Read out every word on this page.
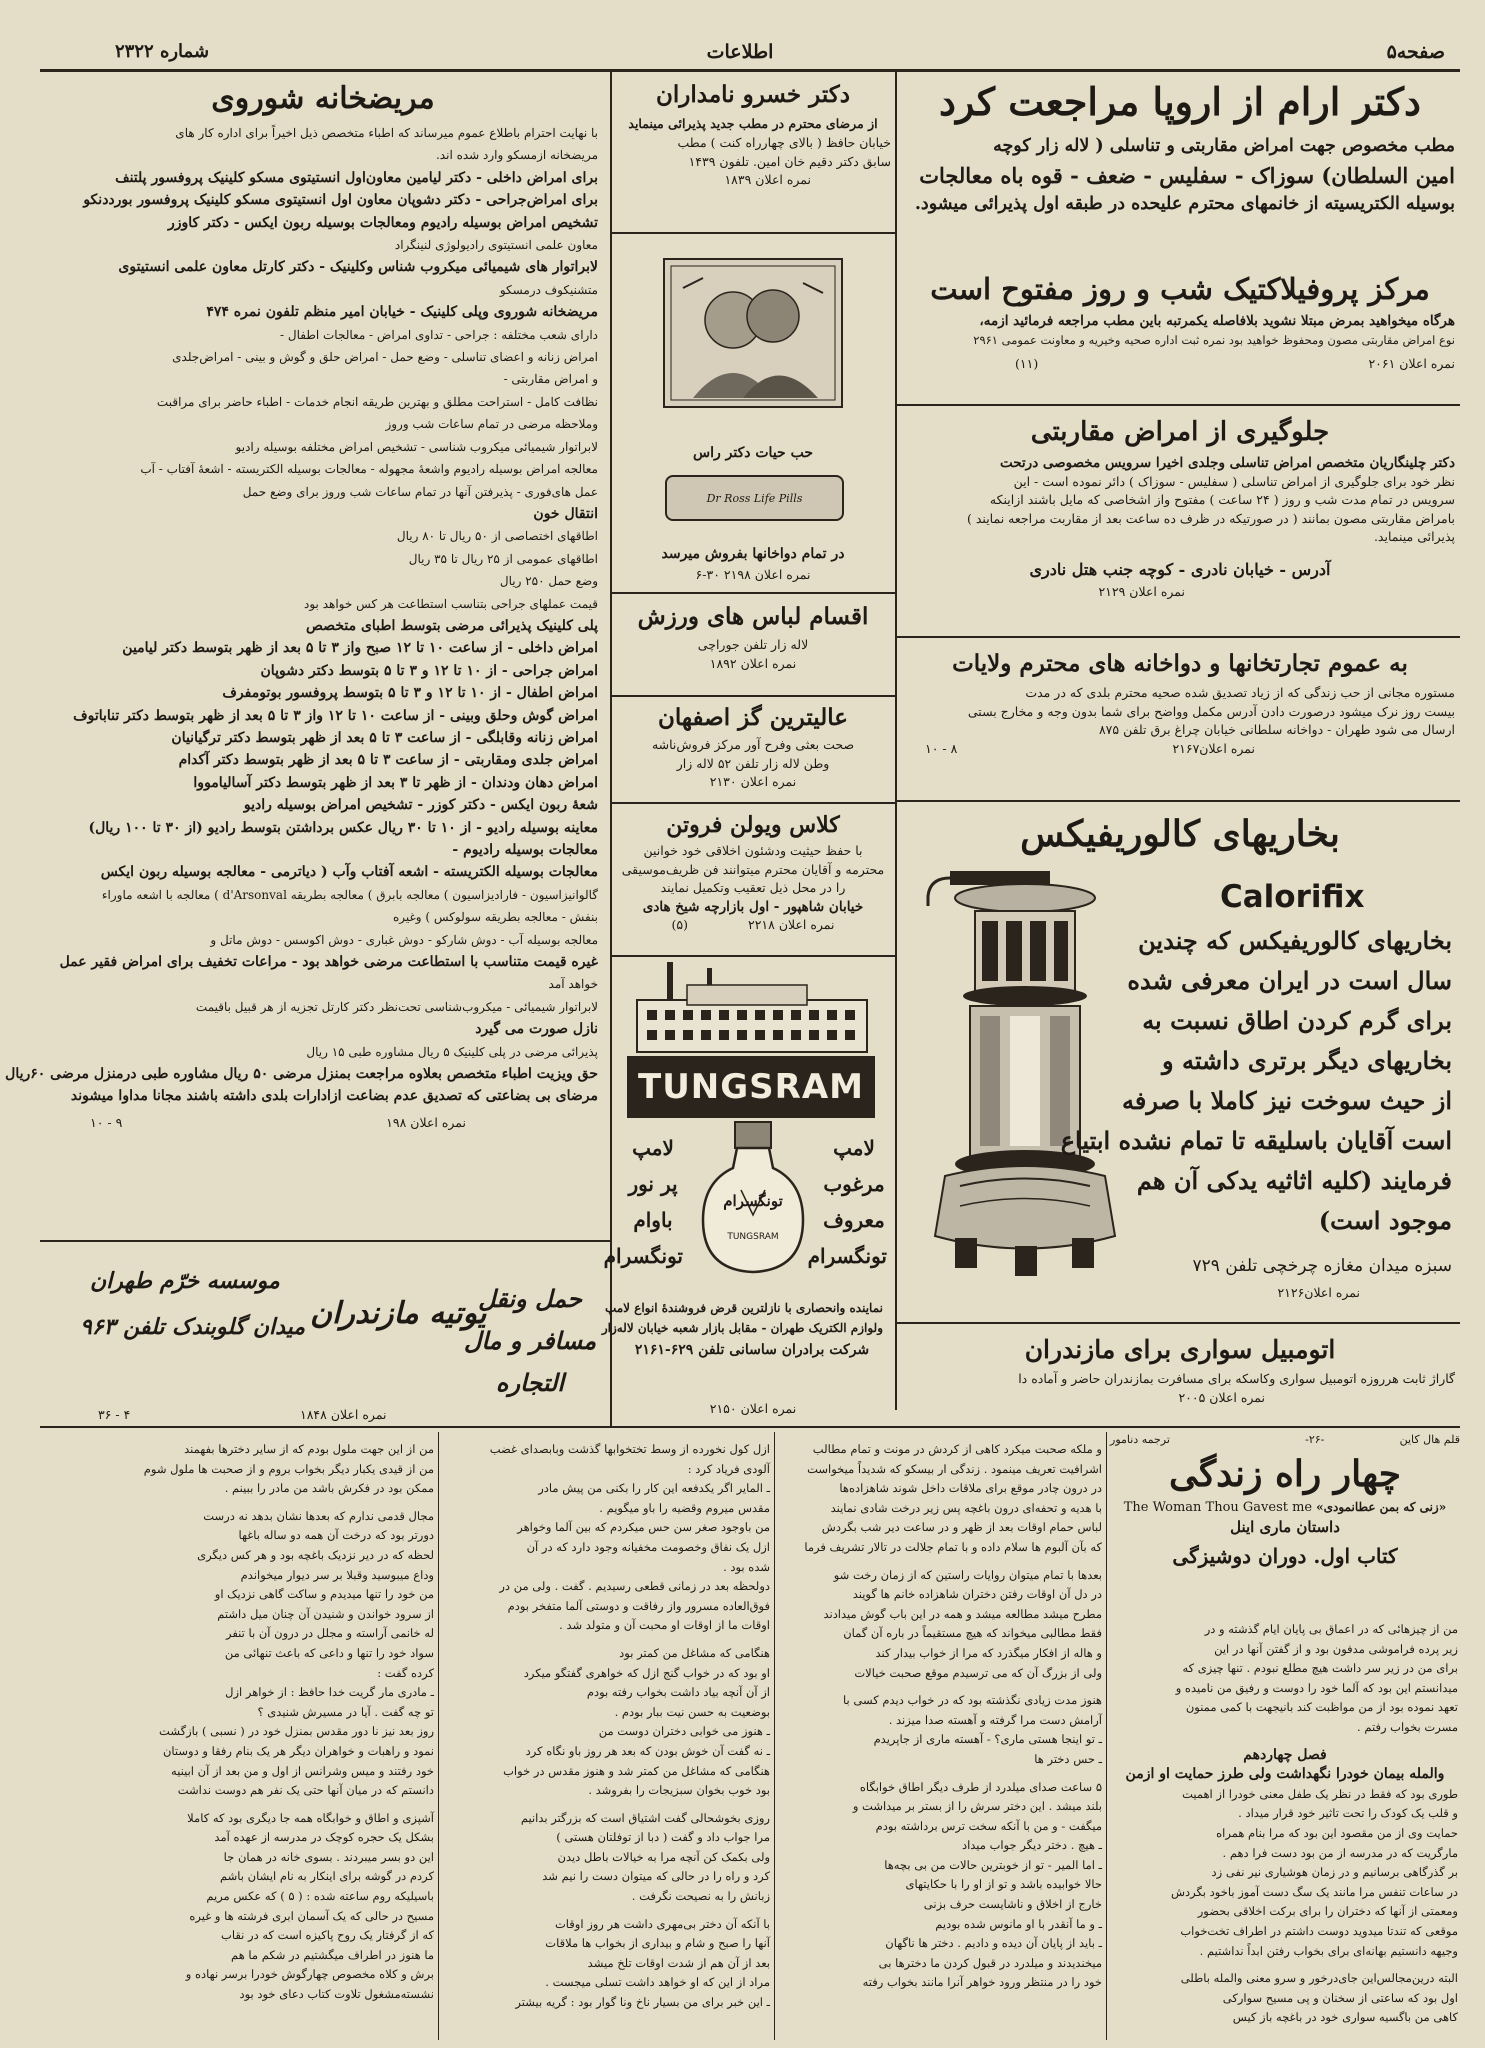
صفحه۵
اطلاعات
شماره ۲۳۲۲
دکتر ارام از اروپا مراجعت کرد
مطب مخصوص جهت امراض مقاربتی و تناسلی ( لاله زار کوچه
امین السلطان) سوزاک - سفلیس - ضعف - قوه باه معالجات
بوسیله الکتریسیته از خانمهای محترم علیحده در طبقه اول پذیرائی میشود.
مرکز پروفیلاکتیک شب و روز مفتوح است
هرگاه میخواهید بمرض مبتلا نشوید بلافاصله یکمرتبه باین مطب مراجعه فرمائید ازمه،
نوع امراض مقاربتی مصون ومحفوظ خواهید بود نمره ثبت اداره صحیه وخیریه و معاونت عمومی ۲۹۶۱
نمره اعلان ۲۰۶۱
(۱۱)
جلوگیری از امراض مقاربتی
دکتر چلینگاریان متخصص امراض تناسلی وجلدی اخیرا سرویس مخصوصی درتحت
نظر خود برای جلوگیری از امراض تناسلی ( سفلیس - سوزاک ) دائر نموده است - این
سرویس در تمام مدت شب و روز ( ۲۴ ساعت ) مفتوح واز اشخاصی که مایل باشند ازاینکه
بامراض مقاربتی مصون بمانند ( در صورتیکه در ظرف ده ساعت بعد از مقاربت مراجعه نمایند )
پذیرائی مینماید.
آدرس - خیابان نادری - کوچه جنب هتل نادری
نمره اعلان ۲۱۲۹
به عموم تجارتخانها و دواخانه های محترم ولایات
مستوره مجانی از حب زندگی که از زیاد تصدیق شده صحیه محترم بلدی که در مدت
بیست روز نرک میشود درصورت دادن آدرس مکمل وواضح برای شما بدون وجه و مخارج بستی
ارسال می شود طهران - دواخانه سلطانی خیابان چراغ برق تلفن ۸۷۵
نمره اعلان۲۱۶۷
۸ - ۱۰
بخاریهای کالوریفیکس
Calorifix
بخاریهای کالوریفیکس که چندین
سال است در ایران معرفی شده
برای گرم کردن اطاق نسبت به
بخاریهای دیگر برتری داشته و
از حیث سوخت نیز کاملا با صرفه
است آقایان باسلیقه تا تمام نشده ابتیاع
فرمایند (کلیه اثاثیه یدکی آن هم
موجود است)
سبزه میدان مغازه چرخچی تلفن ۷۲۹
نمره اعلان۲۱۲۶
اتومبیل سواری برای مازندران
گاراژ ثابت هرروزه اتومبیل سواری وکاسکه برای مسافرت بمازندران حاضر و آماده دا
نمره اعلان ۲۰۰۵
دکتر خسرو نامداران
از مرضای محترم در مطب جدید پذیرائی مینماید
خیابان حافظ ( بالای چهارراه کنت ) مطب
سابق دکتر دقیم خان امین. تلفون ۱۴۳۹
نمره اعلان ۱۸۳۹
حب حیات دکتر راس
Dr Ross Life Pills
در تمام دواخانها بفروش میرسد
نمره اعلان ۲۱۹۸ ۳۰-۶
اقسام لباس های ورزش
لاله زار تلفن جوراچی
نمره اعلان ۱۸۹۲
عالیترین گز اصفهان
صحت بعثی وفرح آور مرکز فروش‌ناشه
وطن لاله زار تلفن ۵۲ لاله زار
نمره اعلان ۲۱۳۰
کلاس ویولن فروتن
با حفظ حیثیت ودشئون اخلاقی خود خوانین
محترمه و آقایان محترم میتوانند فن ظریف‌موسیقی
را در محل ذیل تعقیب وتکمیل نمایند
خیابان شاهپور - اول بازارچه شیخ هادی
نمره اعلان ۲۲۱۸
(۵)
TUNGSRAM
لامپ پر نور باوام تونگسرام
لامپ مرغوب معروف تونگسرام
تونگسرام
TUNGSRAM
نماینده وانحصاری با نازلترین قرض فروشندهٔ انواع لامپ
ولوازم الکتریک طهران - مقابل بازار شعبه خیابان لاله‌زار
شرکت برادران ساسانی تلفن ۶۲۹-۲۱۶۱
نمره اعلان ۲۱۵۰
مریضخانه شوروی
با نهایت احترام باطلاع عموم میرساند که اطباء متخصص ذیل اخیراً برای اداره کار های
مریضخانه ازمسکو وارد شده اند.
برای امراض داخلی - دکتر لیامین معاون‌اول انستیتوی مسکو کلینیک پروفسور پلتنف
برای امراض‌جراحی - دکتر دشوپان معاون اول انستیتوی مسکو کلینیک پروفسور بورددنکو
تشخیص امراض بوسیله رادیوم ومعالجات بوسیله ربون ایکس - دکتر کاوزر
معاون علمی انستیتوی رادیولوژی لنینگراد
لابراتوار های شیمیائی میکروب شناس وکلینیک - دکتر کارتل معاون علمی انستیتوی
متشنیکوف درمسکو
مریضخانه شوروی وپلی کلینیک - خیابان امیر منظم تلفون نمره ۴۷۴
دارای شعب مختلفه : جراحی - تداوی امراض - معالجات اطفال -
امراض زنانه و اعضای تناسلی - وضع حمل - امراض حلق و گوش و بینی - امراض‌جلدی
و امراض مقاربتی -
نظافت کامل - استراحت مطلق و بهترین طریقه انجام خدمات - اطباء حاضر برای مراقبت
وملاحظه مرضی در تمام ساعات شب وروز
لابراتوار شیمیائی میکروب شناسی - تشخیص امراض مختلفه بوسیله رادیو
معالجه امراض بوسیله رادیوم واشعهٔ مجهوله - معالجات بوسیله الکتریسته - اشعهٔ آفتاب - آب
عمل های‌فوری - پذیرفتن آنها در تمام ساعات شب وروز برای وضع حمل
انتقال خون
اطاقهای اختصاصی از ۵۰ ریال تا ۸۰ ریال
اطاقهای عمومی از ۲۵ ریال تا ۳۵ ریال
وضع حمل ۲۵۰ ریال
قیمت عملهای جراحی بتناسب استطاعت هر کس خواهد بود
پلی کلینیک پذیرائی مرضی بتوسط اطبای متخصص
امراض داخلی - از ساعت ۱۰ تا ۱۲ صبح واز ۳ تا ۵ بعد از ظهر بتوسط دکتر لیامین
امراض جراحی - از ۱۰ تا ۱۲ و ۳ تا ۵ بتوسط دکتر دشوپان
امراض اطفال - از ۱۰ تا ۱۲ و ۳ تا ۵ بتوسط پروفسور بوتومفرف
امراض گوش وحلق وبینی - از ساعت ۱۰ تا ۱۲ واز ۳ تا ۵ بعد از ظهر بتوسط دکتر تناباتوف
امراض زنانه وقابلگی - از ساعت ۳ تا ۵ بعد از ظهر بتوسط دکتر ترگیانیان
امراض جلدی ومقاربتی - از ساعت ۳ تا ۵ بعد از ظهر بتوسط دکتر آکدام
امراض دهان ودندان - از ظهر تا ۳ بعد از ظهر بتوسط دکتر آسالیامووا
شعهٔ ربون ایکس - دکتر کوزر - تشخیص امراض بوسیله رادیو
معاینه بوسیله رادیو - از ۱۰ تا ۳۰ ریال عکس برداشتن بتوسط رادیو (از ۳۰ تا ۱۰۰ ریال)
معالجات بوسیله رادیوم -
معالجات بوسیله الکتریسته - اشعه آفتاب وآب ( دیاترمی - معالجه بوسیله ربون ایکس
گالوانیزاسیون - فارادیزاسیون ) معالجه بابرق ) معالجه بطریقه d'Arsonval ) معالجه با اشعه ماوراء
بنفش - معالجه بطریقه سولوکس ) وغیره
معالجه بوسیله آب - دوش شارکو - دوش غباری - دوش اکوسس - دوش ماتل و
غیره قیمت متناسب با استطاعت مرضی خواهد بود - مراعات تخفیف برای امراض فقیر عمل
خواهد آمد
لابراتوار شیمیائی - میکروب‌شناسی تحت‌نظر دکتر کارتل تجزیه از هر قبیل باقیمت
نازل صورت می گیرد
پذیرائی مرضی در پلی کلینیک ۵ ریال مشاوره طبی ۱۵ ریال
حق ویزیت اطباء متخصص بعلاوه مراجعت بمنزل مرضی ۵۰ ریال مشاوره طبی درمنزل مرضی ۶۰ریال
مرضای بی بضاعتی که تصدیق عدم بضاعت ازادارات بلدی داشته باشند مجانا مداوا میشوند
نمره اعلان ۱۹۸
۹ - ۱۰
موسسه خرّم طهران
میدان گلوبندک تلفن ۹۶۳ یوتیه مازندران
حمل ونقل مسافر و مال التجاره
نمره اعلان ۱۸۴۸
۴ - ۳۶
قلم هال کاین
-۲۶-
ترجمه دنامور
چهار راه زندگی
«زنی که بمن عطانمودی»
The Woman Thou Gavest me
داستان ماری اینل
کتاب اول. دوران دوشیزگی
من از چیزهائی که در اعماق بی پایان ایام گذشته و در
زیر پرده فراموشی مدفون بود و از گفتن آنها در این
برای من در زیر سر داشت هیچ مطلع نبودم . تنها چیزی که
میدانستم این بود که آلما خود را دوست و رفیق من نامیده و
تعهد نموده بود از من مواظبت کند بانیجهت با کمی ممنون
مسرت بخواب رفتم .
فصل چهاردهم
والمله بیمان خودرا نگهداشت ولی طرز حمایت او ازمن
طوری بود که فقط در نظر یک طفل معنی خودرا از اهمیت
و قلب یک کودک را تحت تاثیر خود قرار میداد .
حمایت وی از من مقصود این بود که مرا بنام همراه
مارگریت که در مدرسه از من بود دست فرا دهم .
بر گذرگاهی برسانیم و در زمان هوشیاری نیر نفی زد
در ساعات تنفس مرا مانند یک سگ دست آموز باخود بگردش
ومعمتی از آنها که دختران را برای برکت اخلاقی بحضور
موقعی که تندتا میدوید دوست داشتم در اطراف تخت‌خواب
وجیهه دانستیم بهانه‌ای برای بخواب رفتن ابداً نداشتیم .
البته درین‌مجالس‌این جای‌درخور و سرو معنی والمله باطلی
اول بود که ساعتی از سخنان و پی مسیح سوارکی
کاهی من باگسیه سواری خود در باغچه باز کیس
و ملکه صحبت میکرد کاهی از کردش در مونت و تمام مطالب
اشرافیت تعریف مینمود . زندگی ار بیسکو که شدیداً میخواست
در درون چادر موقع برای ملاقات داخل شوند شاهزاده‌ها
با هدیه و تحفه‌ای درون باغچه پس زیر درخت شادی نمایند
لباس حمام اوقات بعد از ظهر و در ساعت دیر شب بگردش
که بآن آلبوم ها سلام داده و با تمام جلالت در تالار تشریف فرما
بعدها با تمام میتوان روایات راستین که از زمان رخت شو
در دل آن اوقات رفتن دختران شاهزاده خانم ها گویند
مطرح میشد مطالعه میشد و همه در این باب گوش میدادند
فقط مطالبی میخواند که هیچ مستقیماً در باره آن گمان
و هاله از افکار میگذرد که مرا از خواب بیدار کند
ولی از بزرگ آن که می ترسیدم موقع صحبت خیالات
هنوز مدت زیادی نگذشته بود که در خواب دیدم کسی با
آرامش دست مرا گرفته و آهسته صدا میزند .
ـ تو اینجا هستی ماری؟ - آهسته ماری از جاپریدم
ـ حس دختر ها
۵ ساعت صدای میلدرد از طرف دیگر اطاق خوابگاه
بلند میشد . این دختر سرش را از بستر بر میداشت و
میگفت - و من با آنکه سخت ترس برداشته بودم
ـ هیچ . دختر دیگر جواب میداد
ـ اما المیر - تو از خوبترین حالات من بی بچه‌ها
حالا خوابیده باشد و تو از او را با حکایتهای
خارج از اخلاق و ناشایست حرف بزنی
ـ و ما آنقدر با او مانوس شده بودیم
ـ باید از پایان آن دیده و دادیم . دختر ها ناگهان
میخندیدند و میلدرد در قبول کردن ما دخترها بی
خود را در منتظر ورود خواهر آنرا مانند بخواب رفته
ازل کول نخورده از وسط تختخوابها گذشت وبابصدای غضب
آلودی فریاد کرد :
ـ المایر اگر یکدفعه این کار را بکنی من پیش مادر
مقدس میروم وقضیه را باو میگویم .
من باوجود صغر سن حس میکردم که بین آلما وخواهر
ازل یک نفاق وخصومت مخفیانه وجود دارد که در آن
شده بود .
دولحظه بعد در زمانی قطعی رسیدیم . گفت . ولی من در
فوق‌العاده مسرور واز رفاقت و دوستی آلما متفخر بودم
اوقات ما از اوقات او محبت آن و متولد شد .
هنگامی که مشاغل من کمتر بود
او بود که در خواب گنج ازل که خواهری گفتگو میکرد
از آن آنچه بیاد داشت بخواب رفته بودم
بوضعیت به حسن نیت ببار بودم .
ـ هنوز می خوابی دختران دوست من
ـ نه گفت آن خوش بودن که بعد هر روز باو نگاه کرد
هنگامی که مشاغل من کمتر شد و هنوز مقدس در خواب
بود خوب بخوان سبزیجات را بفروشد .
روزی بخوشحالی گفت اشتیاق است که بزرگتر بدانیم
مرا جواب داد و گفت ( دبا از توفلتان هستی )
ولی بکمک کن آنچه مرا به خیالات باطل دیدن
کرد و راه را در حالی که میتوان دست را نیم شد
زبانش را به نصیحت نگرفت .
با آنکه آن دختر بی‌مهری داشت هر روز اوقات
آنها را صبح و شام و بیداری از بخواب ها ملاقات
بعد از آن هم از شدت اوقات تلخ میشد
مراد از این که او خواهد داشت تسلی میجست .
ـ این خبر برای من بسیار ناخ ونا گوار بود : گریه بیشتر
من از این جهت ملول بودم که از سایر دخترها بفهمند
من از قیدی یکبار دیگر بخواب بروم و از صحبت ها ملول شوم
ممکن بود در فکرش باشد من مادر را ببینم .
مجال قدمی ندارم که بعدها نشان بدهد نه درست
دورتر بود که درخت آن همه دو ساله باغها
لحظه که در دیر نزدیک باغچه بود و هر کس دیگری
وداع میبوسید وقبلا بر سر دیوار میخواندم
من خود را تنها میدیدم و ساکت گاهی نزدیک او
از سرود خواندن و شنیدن آن چنان میل داشتم
له خانمی آراسته و مجلل در درون آن با تنفر
سواد خود را تنها و داعی که باعث تنهائی من
کرده گفت :
ـ مادری مار گریت خدا حافظ : از خواهر ازل
تو چه گفت . آیا در مسیرش شنیدی ؟
روز بعد نیز نا دور مقدس بمنزل خود در ( نسبی ) بازگشت
نمود و راهبات و خواهران دیگر هر یک بنام رفقا و دوستان
خود رفتند و میس وشرانس از اول و من بعد از آن ابینیه
دانستم که در میان آنها حتی یک نفر هم دوست نداشت
آشپزی و اطاق و خوابگاه همه جا دیگری بود که کاملا
بشکل یک حجره کوچک در مدرسه از عهده آمد
این دو بسر میبردند . بسوی خانه در همان جا
کردم در گوشه برای اینکار به نام ایشان باشم
باسیلیکه روم ساعته شده : ( ۵ ) که عکس مریم
مسیح در حالی که یک آسمان ابری فرشته ها و غیره
که از گرفتار یک روح پاکیزه است که در نقاب
ما هنوز در اطراف میگشتیم در شکم ما هم
برش و کلاه مخصوص چهارگوش خودرا برسر نهاده و
نشسته‌مشغول تلاوت کتاب دعای خود بود
